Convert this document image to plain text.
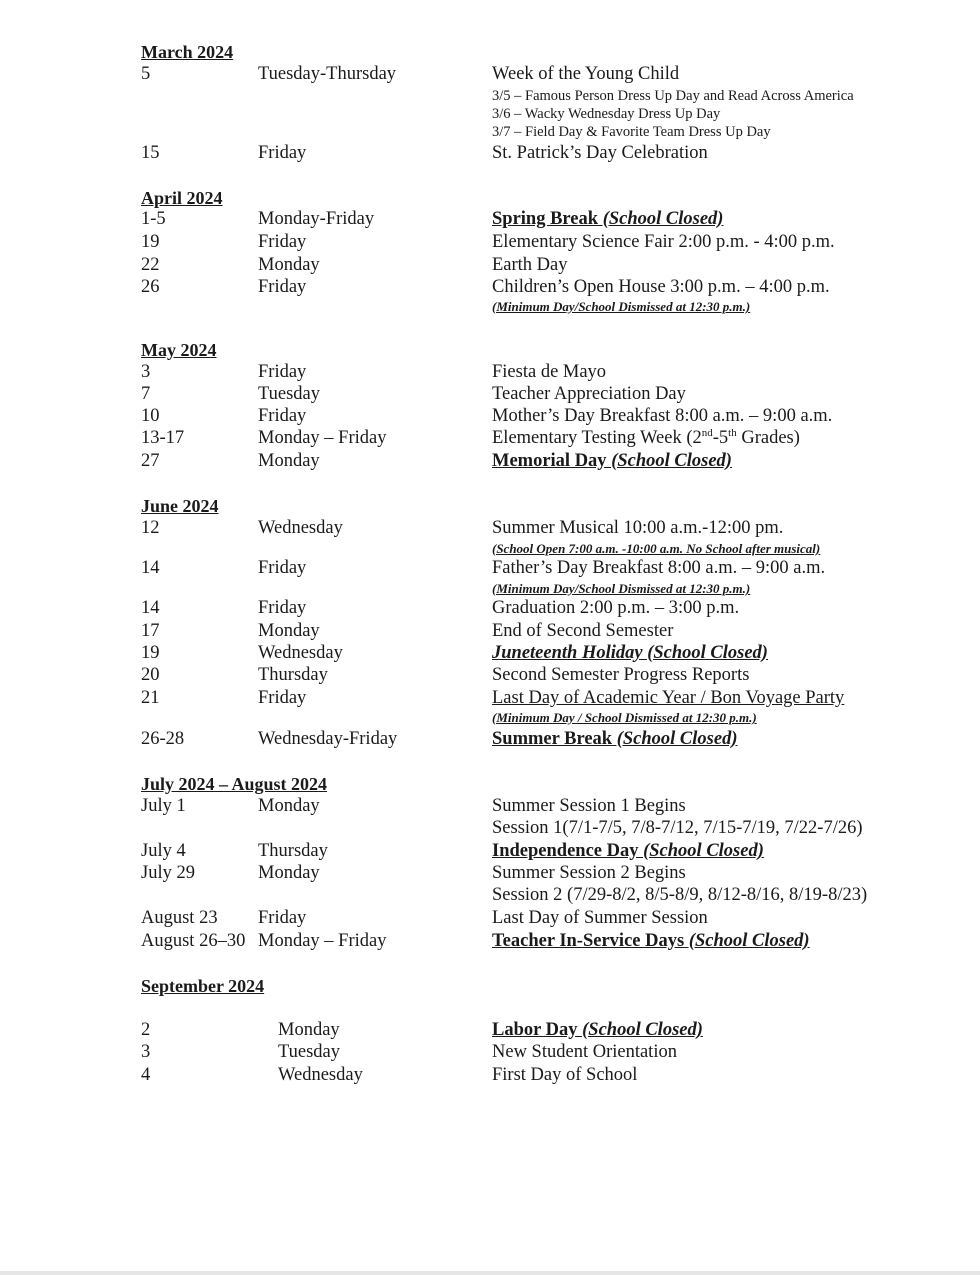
March 2024
5	Tuesday-Thursday	Week of the Young Child
3/5 – Famous Person Dress Up Day and Read Across America
3/6 – Wacky Wednesday Dress Up Day
3/7 – Field Day & Favorite Team Dress Up Day
15	Friday	St. Patrick’s Day Celebration
April 2024
1-5	Monday-Friday	Spring Break (School Closed)
19	Friday	Elementary Science Fair 2:00 p.m. - 4:00 p.m.
22	Monday	Earth Day
26	Friday	Children’s Open House 3:00 p.m. – 4:00 p.m.
(Minimum Day/School Dismissed at 12:30 p.m.)
May 2024
3	Friday	Fiesta de Mayo
7	Tuesday	Teacher Appreciation Day
10	Friday	Mother’s Day Breakfast 8:00 a.m. – 9:00 a.m.
13-17	Monday – Friday	Elementary Testing Week (2nd-5th Grades)
27	Monday	Memorial Day (School Closed)
June 2024
12	Wednesday	Summer Musical 10:00 a.m.-12:00 pm.
(School Open 7:00 a.m. -10:00 a.m. No School after musical)
14	Friday	Father’s Day Breakfast 8:00 a.m. – 9:00 a.m.
(Minimum Day/School Dismissed at 12:30 p.m.)
14	Friday	Graduation 2:00 p.m. – 3:00 p.m.
17	Monday	End of Second Semester
19	Wednesday	Juneteenth Holiday (School Closed)
20	Thursday	Second Semester Progress Reports
21	Friday	Last Day of Academic Year / Bon Voyage Party
(Minimum Day / School Dismissed at 12:30 p.m.)
26-28	Wednesday-Friday	Summer Break (School Closed)
July 2024 – August 2024
July 1	Monday	Summer Session 1 Begins
Session 1(7/1-7/5, 7/8-7/12, 7/15-7/19, 7/22-7/26)
July 4	Thursday	Independence Day (School Closed)
July 29	Monday	Summer Session 2 Begins
Session 2 (7/29-8/2, 8/5-8/9, 8/12-8/16, 8/19-8/23)
August 23 Friday	Last Day of Summer Session
August 26–30 Monday – Friday	Teacher In-Service Days (School Closed)
September 2024
2	Monday	Labor Day (School Closed)
3	Tuesday	New Student Orientation
4	Wednesday	First Day of School
